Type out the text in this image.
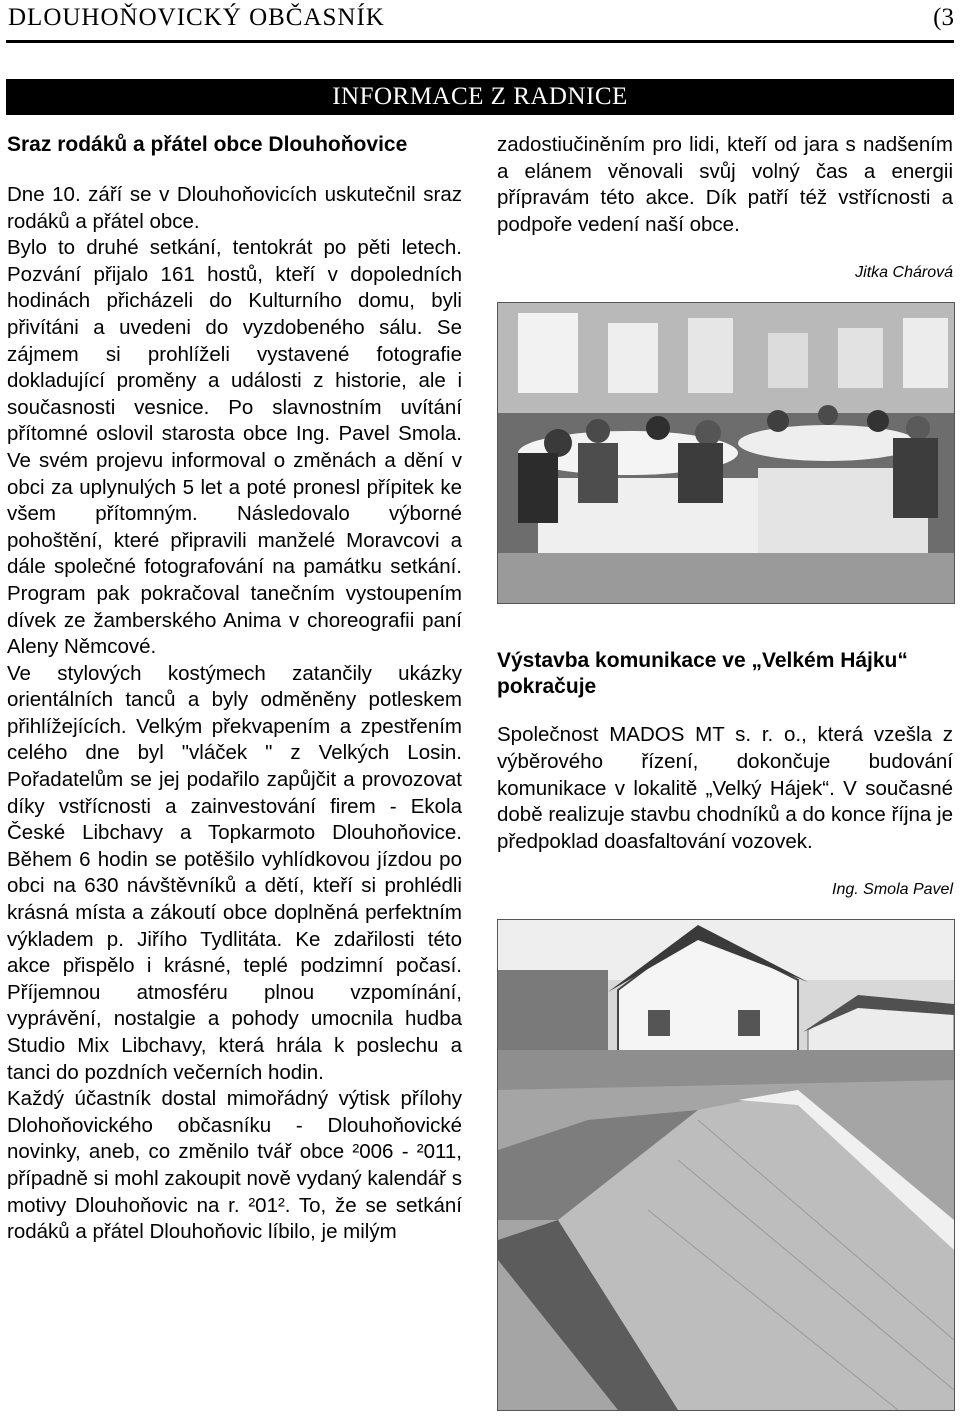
DLOUHOŇOVICKÝ OBČASNÍK	(3
INFORMACE Z RADNICE
Sraz rodáků a přátel obce Dlouhoňovice

Dne 10. září se v Dlouhoňovicích uskutečnil sraz rodáků a přátel obce.

Bylo to druhé setkání, tentokrát po pěti letech. Pozvání přijalo 161 hostů, kteří v dopoledních hodinách přicházeli do Kulturního domu, byli přivítáni a uvedeni do vyzdobeného sálu. Se zájmem si prohlíželi vystavené fotografie dokladující proměny a události z historie, ale i současnosti vesnice. Po slavnostním uvítání přítomné oslovil starosta obce Ing. Pavel Smola. Ve svém projevu informoval o změnách a dění v obci za uplynulých 5 let a poté pronesl přípitek ke všem přítomným. Následovalo výborné pohoštění, které připravili manželé Moravcovi a dále společné fotografování na památku setkání. Program pak pokračoval tanečním vystoupením dívek ze žamberského Anima v choreografii paní Aleny Němcové.

Ve stylových kostýmech zatančily ukázky orientálních tanců a byly odměněny potleskem přihlížejících. Velkým překvapením a zpestřením celého dne byl "vláček " z Velkých Losin. Pořadatelům se jej podařilo zapůjčit a provozovat díky vstřícnosti a zainvestování firem - Ekola České Libchavy a Topkarmoto Dlouhoňovice. Během 6 hodin se potěšilo vyhlídkovou jízdou po obci na 630 návštěvníků a dětí, kteří si prohlédli krásná místa a zákoutí obce doplněná perfektním výkladem p. Jiřího Tydlitáta. Ke zdařilosti této akce přispělo i krásné, teplé podzimní počasí. Příjemnou atmosféru plnou vzpomínání, vyprávění, nostalgie a pohody umocnila hudba Studio Mix Libchavy, která hrála k poslechu a tanci do pozdních večerních hodin.

Každý účastník dostal mimořádný výtisk přílohy Dlohoňovického občasníku - Dlouhoňovické novinky, aneb, co změnilo tvář obce ²006 - ²011, případně si mohl zakoupit nově vydaný kalendář s motivy Dlouhoňovic na r. ²01². To, že se setkání rodáků a přátel Dlouhoňovic líbilo, je milým

zadostiučiněním pro lidi, kteří od jara s nadšením a elánem věnovali svůj volný čas a energii přípravám této akce. Dík patří též vstřícnosti a podpoře vedení naší obce.

Jitka Chárová
Výstavba komunikace ve „Velkém Hájku“ pokračuje

Společnost MADOS MT s. r. o., která vzešla z výběrového řízení, dokončuje budování komunikace v lokalitě „Velký Hájek“. V současné době realizuje stavbu chodníků a do konce října je předpoklad doasfaltování vozovek.

Ing. Smola Pavel
